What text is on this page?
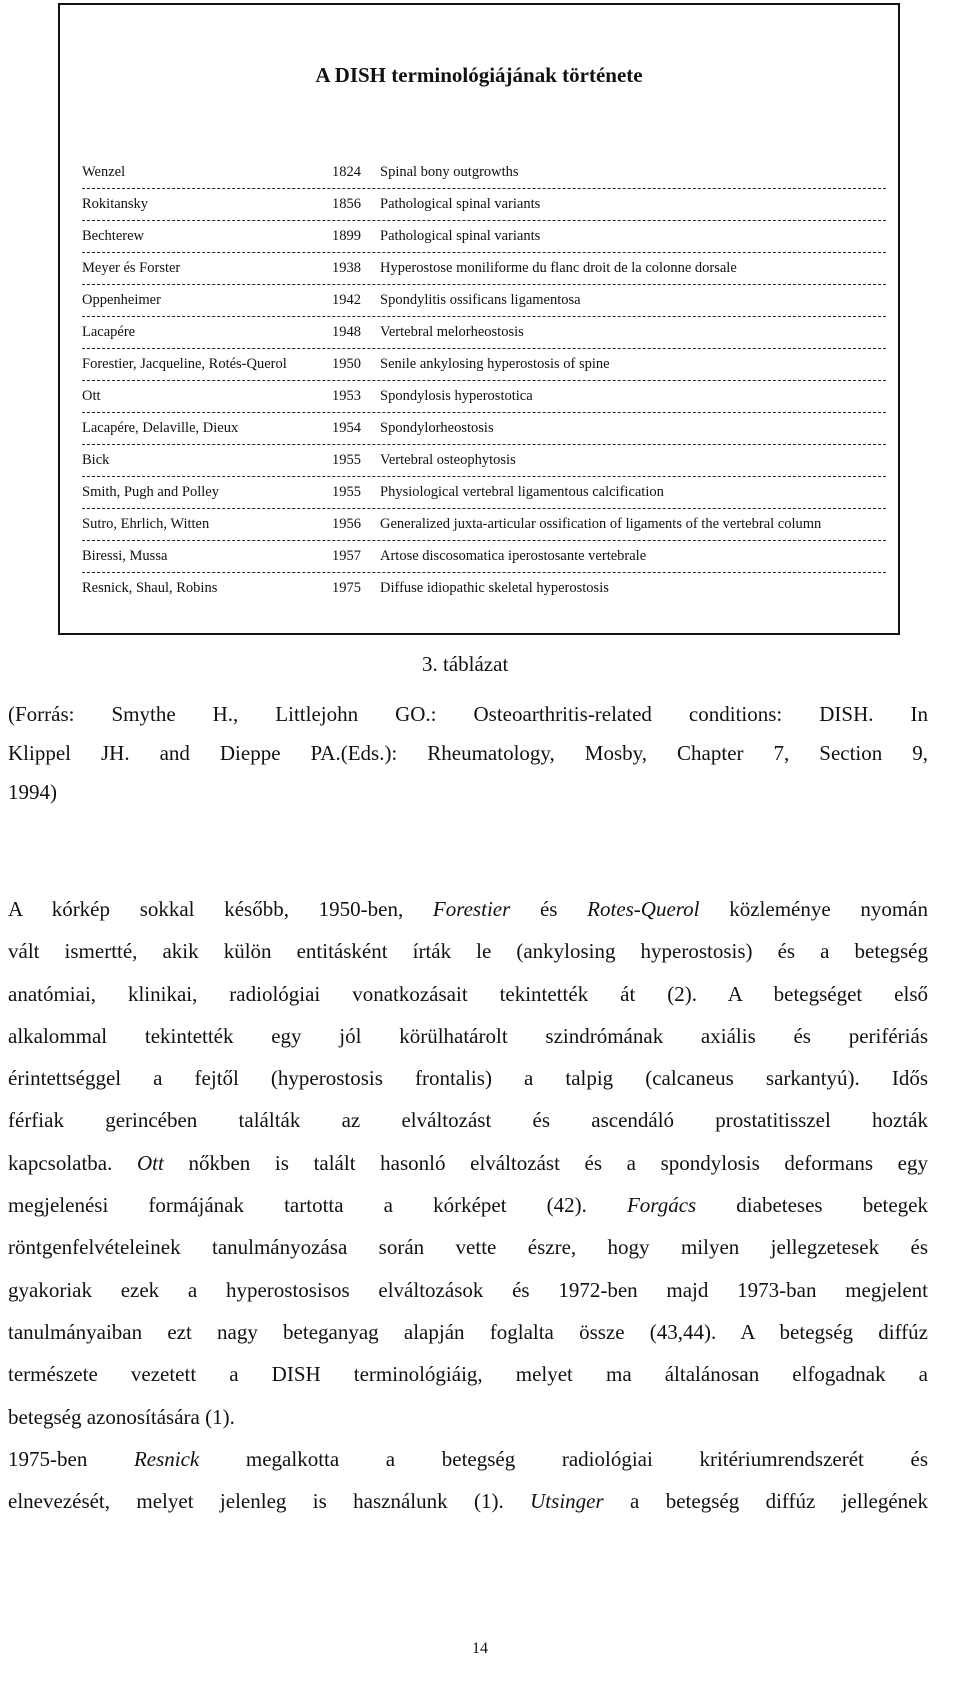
A DISH terminológiájának története
Wenzel	1824 Spinal bony outgrowths
Rokitansky	1856 Pathological spinal variants
Bechterew	1899 Pathological spinal variants
Meyer és Forster	1938 Hyperostose moniliforme du flanc droit de la colonne dorsale
Oppenheimer	1942 Spondylitis ossificans ligamentosa
Lacapére	1948 Vertebral melorheostosis
Forestier, Jacqueline, Rotés-Querol	1950 Senile ankylosing hyperostosis of spine
Ott	1953 Spondylosis hyperostotica
Lacapére, Delaville, Dieux	1954 Spondylorheostosis
Bick	1955 Vertebral osteophytosis
Smith, Pugh and Polley	1955 Physiological vertebral ligamentous calcification
Sutro, Ehrlich, Witten	1956 Generalized juxta-articular ossification of ligaments of the vertebral column
Biressi, Mussa	1957 Artose discosomatica iperostosante vertebrale
Resnick, Shaul, Robins	1975 Diffuse idiopathic skeletal hyperostosis
3. táblázat
(Forrás: Smythe H., Littlejohn GO.: Osteoarthritis-related conditions: DISH. In
Klippel JH. and Dieppe PA.(Eds.): Rheumatology, Mosby, Chapter 7, Section 9,
1994)
A kórkép sokkal később, 1950-ben, Forestier és Rotes-Querol közleménye nyomán
vált ismertté, akik külön entitásként írták le (ankylosing hyperostosis) és a betegség
anatómiai, klinikai, radiológiai vonatkozásait tekintették át (2). A betegséget első
alkalommal tekintették egy jól körülhatárolt szindrómának axiális és perifériás
érintettséggel a fejtől (hyperostosis frontalis) a talpig (calcaneus sarkantyú). Idős
férfiak gerincében találták az elváltozást és ascendáló prostatitisszel hozták
kapcsolatba. Ott nőkben is talált hasonló elváltozást és a spondylosis deformans egy
megjelenési formájának tartotta a kórképet (42). Forgács diabeteses betegek
röntgenfelvételeinek tanulmányozása során vette észre, hogy milyen jellegzetesek és
gyakoriak ezek a hyperostosisos elváltozások és 1972-ben majd 1973-ban megjelent
tanulmányaiban ezt nagy beteganyag alapján foglalta össze (43,44). A betegség diffúz
természete vezetett a DISH terminológiáig, melyet ma általánosan elfogadnak a
betegség azonosítására (1).
1975-ben Resnick megalkotta a betegség radiológiai kritériumrendszerét és
elnevezését, melyet jelenleg is használunk (1). Utsinger a betegség diffúz jellegének
14
